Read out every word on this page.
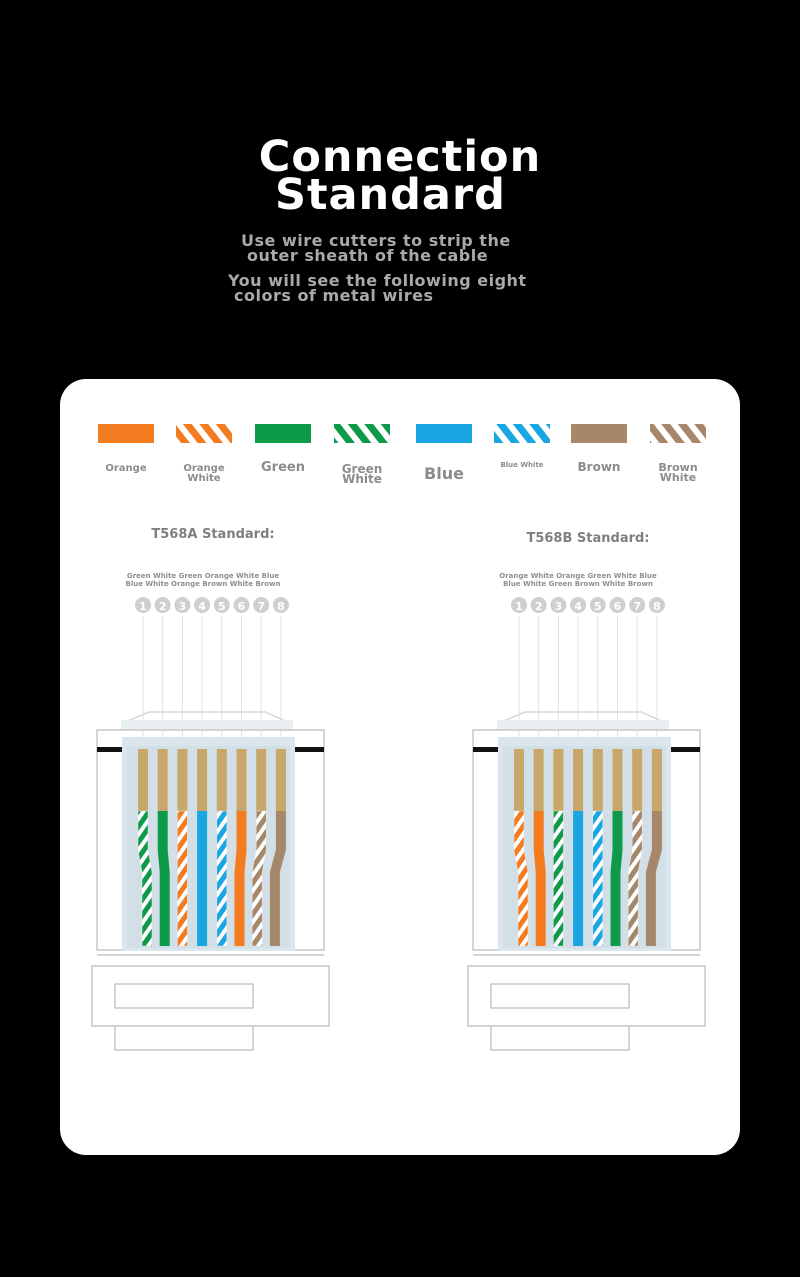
Connection
Standard
Use wire cutters to strip the
outer sheath of the cable
You will see the following eight
colors of metal wires
Orange	Orange
White
Green	Green
White	Blue	Blue White	Brown	Brown
White
T568A Standard:
Green White Green Orange White Blue
Blue White Orange Brown White Brown
1 2 3 4 5 6 7 8
T568B Standard:
Orange White Orange Green White Blue
Blue White Green Brown White Brown
1 2 3 4 5 6 7 8
